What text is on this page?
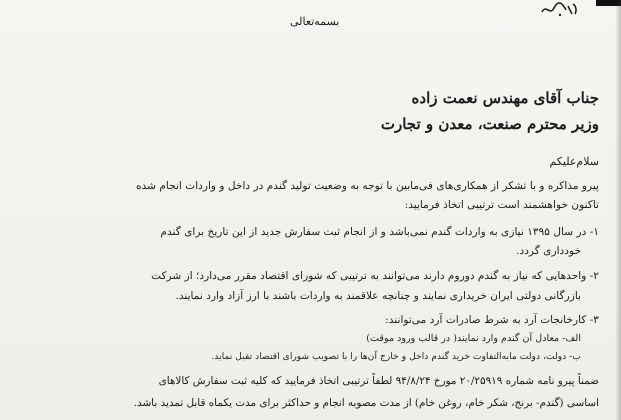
بسمه‌تعالی
جناب آقای مهندس نعمت زاده
وزیر محترم صنعت، معدن و تجارت
سلام‌علیکم
پیرو مذاکره و با تشکر از همکاری‌های فی‌مابین با توجه به وضعیت تولید گندم در داخل و واردات انجام شده
تاکنون خواهشمند است ترتیبی اتخاذ فرمایید:
۱- در سال ۱۳۹۵ نیازی به واردات گندم نمی‌باشد و از انجام ثبت سفارش جدید از این تاریخ برای گندم
خودداری گردد.
۲- واحدهایی که نیاز به گندم دوروم دارند می‌توانند به ترتیبی که شورای اقتصاد مقرر می‌دارد؛ از شرکت
بازرگانی دولتی ایران خریداری نمایند و چنانچه علاقمند به واردات باشند با ارز آزاد وارد نمایند.
۳- کارخانجات آرد به شرط صادرات آرد می‌توانند:
الف- معادل آن گندم وارد نمایند( در قالب ورود موقت)
ب- دولت، دولت مابه‌التفاوت خرید گندم داخل و خارج آن‌ها را با تصویب شورای اقتصاد تقبل نماید.
ضمناً پیرو نامه شماره ۲۰/۲۵۹۱۹ مورخ ۹۴/۸/۲۴ لطفاً ترتیبی اتخاذ فرمایید که کلیه ثبت سفارش کالاهای
اساسی (گندم- برنج، شکر خام، روغن خام) از مدت مصوبه انجام و حداکثر برای مدت یکماه قابل تمدید باشد.
